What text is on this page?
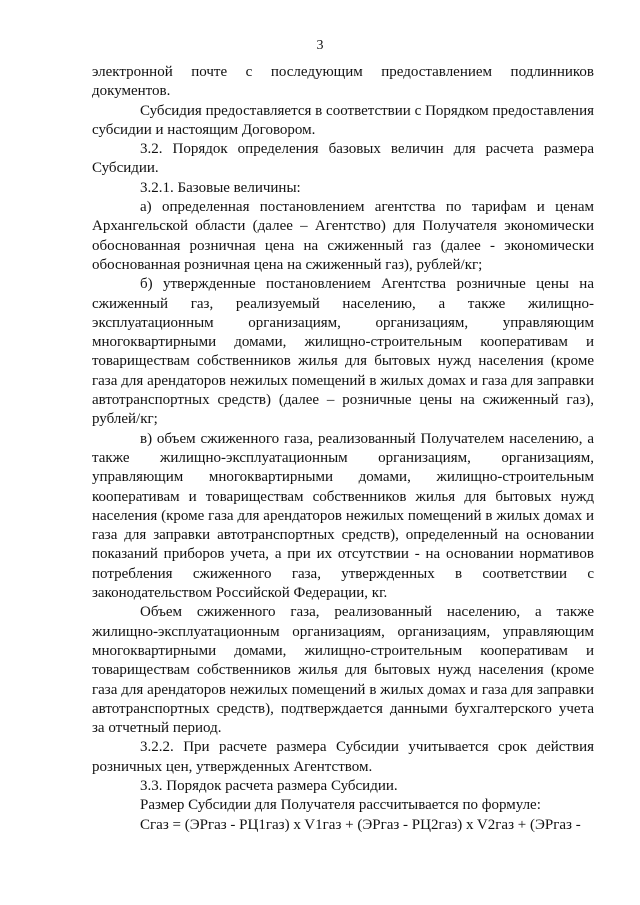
3

электронной почте с последующим предоставлением подлинников документов.

Субсидия предоставляется в соответствии с Порядком предоставления субсидии и настоящим Договором.

3.2. Порядок определения базовых величин для расчета размера Субсидии.

3.2.1. Базовые величины:

а) определенная постановлением агентства по тарифам и ценам Архангельской области (далее – Агентство) для Получателя экономически обоснованная розничная цена на сжиженный газ (далее - экономически обоснованная розничная цена на сжиженный газ), рублей/кг;

б) утвержденные постановлением Агентства розничные цены на сжиженный газ, реализуемый населению, а также жилищно-эксплуатационным организациям, организациям, управляющим многоквартирными домами, жилищно-строительным кооперативам и товариществам собственников жилья для бытовых нужд населения (кроме газа для арендаторов нежилых помещений в жилых домах и газа для заправки автотранспортных средств) (далее – розничные цены на сжиженный газ), рублей/кг;

в) объем сжиженного газа, реализованный Получателем населению, а также жилищно-эксплуатационным организациям, организациям, управляющим многоквартирными домами, жилищно-строительным кооперативам и товариществам собственников жилья для бытовых нужд населения (кроме газа для арендаторов нежилых помещений в жилых домах и газа для заправки автотранспортных средств), определенный на основании показаний приборов учета, а при их отсутствии - на основании нормативов потребления сжиженного газа, утвержденных в соответствии с законодательством Российской Федерации, кг.

Объем сжиженного газа, реализованный населению, а также жилищно-эксплуатационным организациям, организациям, управляющим многоквартирными домами, жилищно-строительным кооперативам и товариществам собственников жилья для бытовых нужд населения (кроме газа для арендаторов нежилых помещений в жилых домах и газа для заправки автотранспортных средств), подтверждается данными бухгалтерского учета за отчетный период.

3.2.2. При расчете размера Субсидии учитывается срок действия розничных цен, утвержденных Агентством.

3.3. Порядок расчета размера Субсидии.

Размер Субсидии для Получателя рассчитывается по формуле:

Сгаз = (ЭРгаз - РЦ1газ) x V1газ + (ЭРгаз - РЦ2газ) x V2газ + (ЭРгаз -
